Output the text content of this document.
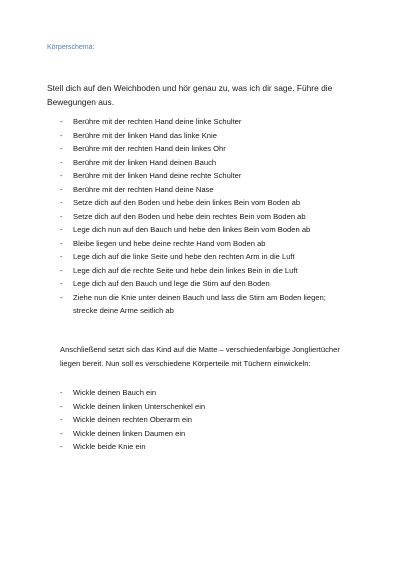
Körperschema:
Stell dich auf den Weichboden und hör genau zu, was ich dir sage. Führe die Bewegungen aus.
- Berühre mit der rechten Hand deine linke Schulter
- Berühre mit der linken Hand das linke Knie
- Berühre mit der rechten Hand dein linkes Ohr
- Berühre mit der linken Hand deinen Bauch
- Berühre mit der linken Hand deine rechte Schulter
- Berühre mit der rechten Hand deine Nase
- Setze dich auf den Boden und hebe dein linkes Bein vom Boden ab
- Setze dich auf den Boden und hebe dein rechtes Bein vom Boden ab
- Lege dich nun auf den Bauch und hebe den linkes Bein vom Boden ab
- Bleibe liegen und hebe deine rechte Hand vom Boden ab
- Lege dich auf die linke Seite und hebe den rechten Arm in die Luft
- Lege dich auf die rechte Seite und hebe dein linkes Bein in die Luft
- Lege dich auf den Bauch und lege die Stirn auf den Boden
- Ziehe nun die Knie unter deinen Bauch und lass die Stirn am Boden liegen; strecke deine Arme seitlich ab
Anschließend setzt sich das Kind auf die Matte – verschiedenfarbige Jongliertücher liegen bereit. Nun soll es verschiedene Körperteile mit Tüchern einwickeln:
- Wickle deinen Bauch ein
- Wickle deinen linken Unterschenkel ein
- Wickle deinen rechten Oberarm ein
- Wickle deinen linken Daumen ein
- Wickle beide Knie ein
